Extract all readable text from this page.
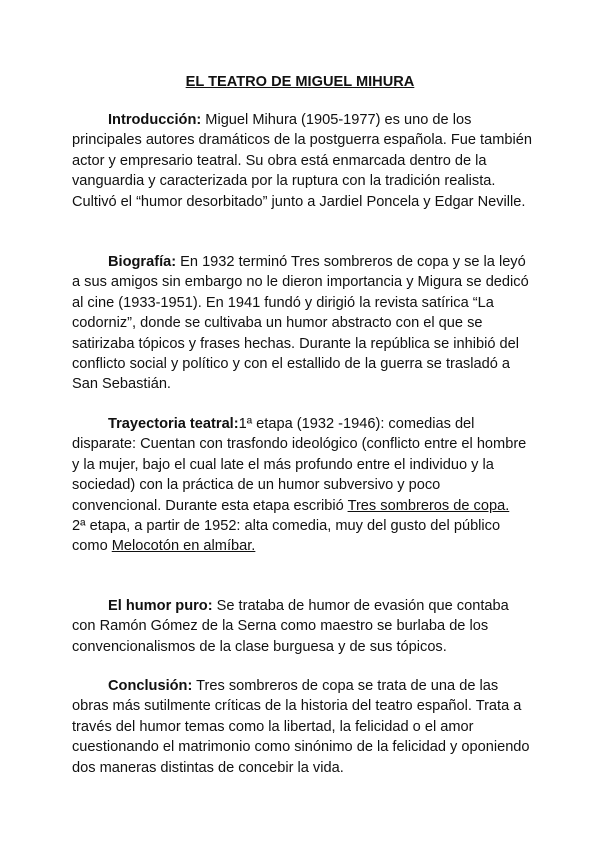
EL TEATRO DE MIGUEL MIHURA

Introducción: Miguel Mihura (1905-1977) es uno de los principales autores dramáticos de la postguerra española. Fue también actor y empresario teatral. Su obra está enmarcada dentro de la vanguardia y caracterizada por la ruptura con la tradición realista. Cultivó el “humor desorbitado” junto a Jardiel Poncela y Edgar Neville.

Biografía: En 1932 terminó Tres sombreros de copa y se la leyó a sus amigos sin embargo no le dieron importancia y Migura se dedicó al cine (1933-1951). En 1941 fundó y dirigió la revista satírica “La codorniz”, donde se cultivaba un humor abstracto con el que se satirizaba tópicos y frases hechas. Durante la república se inhibió del conflicto social y político y con el estallido de la guerra se trasladó a San Sebastián.

Trayectoria teatral:1ª etapa (1932 -1946): comedias del disparate: Cuentan con trasfondo ideológico (conflicto entre el hombre y la mujer, bajo el cual late el más profundo entre el individuo y la sociedad) con la práctica de un humor subversivo y poco convencional. Durante esta etapa escribió Tres sombreros de copa.
2ª etapa, a partir de 1952: alta comedia, muy del gusto del público como Melocotón en almíbar.

El humor puro: Se trataba de humor de evasión que contaba con Ramón Gómez de la Serna como maestro se burlaba de los convencionalismos de la clase burguesa y de sus tópicos.

Conclusión: Tres sombreros de copa se trata de una de las obras más sutilmente críticas de la historia del teatro español. Trata a través del humor temas como la libertad, la felicidad o el amor cuestionando el matrimonio como sinónimo de la felicidad y oponiendo dos maneras distintas de concebir la vida.
